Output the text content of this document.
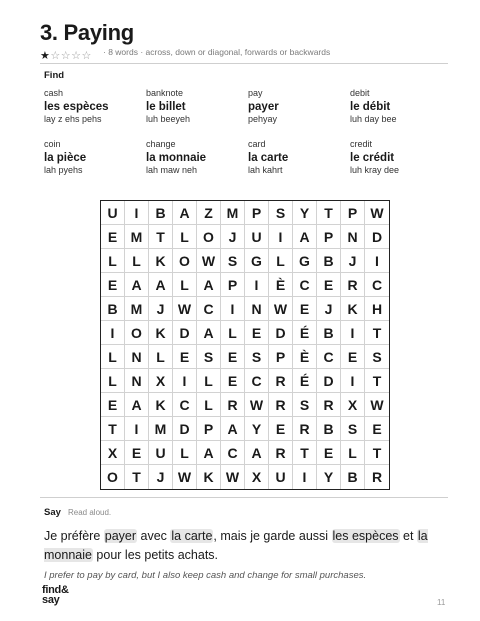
3. Paying
★☆☆☆☆ · 8 words · across, down or diagonal, forwards or backwards
Find
cash
les espèces
lay z ehs pehs
banknote
le billet
luh beeyeh
pay
payer
pehyay
debit
le débit
luh day bee
coin
la pièce
lah pyehs
change
la monnaie
lah maw neh
card
la carte
lah kahrt
credit
le crédit
luh kray dee
U	I	B A	Z M P	S	Y	T	P W
E M T	L	O	J	U	I	A	P	N	D
L	L	K O W S G	L	G B	J	I
E	A A	L	A	P	I	È	C	E	R	C
B M	J W C	I	N W E	J	K	H
I	O K D A	L	E	D	É	B	I	T
L	N	L	E	S	E	S	P	È	C	E	S
L	N	X	I	L	E	C R	É	D	I	T
E	A K C	L	R W R	S	R	X W
T	I	M D	P	A	Y	E	R B	S	E
X	E	U	L	A C A R	T	E	L	T
O	T	J W K W X	U	I	Y	B	R
Say Read aloud.
Je préfère payer avec la carte, mais je garde aussi les espèces et la monnaie pour les petits achats.
I prefer to pay by card, but I also keep cash and change for small purchases.
find&
say	11
